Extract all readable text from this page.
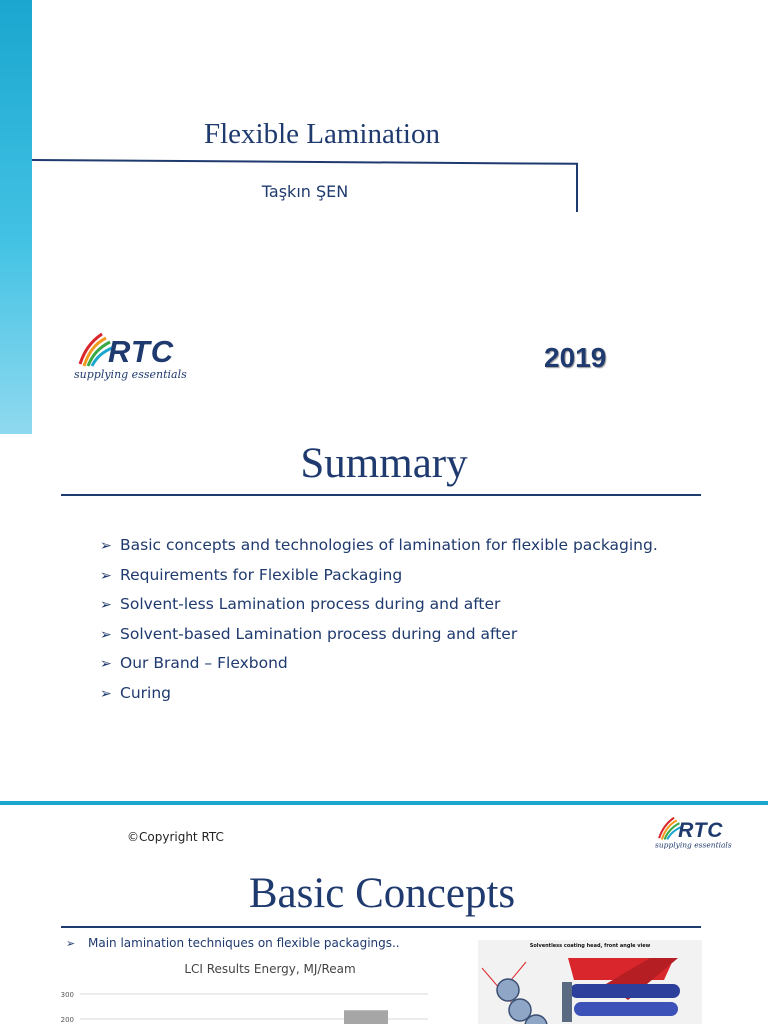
Flexible Lamination
Taşkın ŞEN
RTC
supplying essentials
2019
Summary
➢ Basic concepts and technologies of lamination for flexible packaging.
➢ Requirements for Flexible Packaging
➢ Solvent-less Lamination process during and after
➢ Solvent-based Lamination process during and after
➢ Our Brand – Flexbond
➢ Curing
©Copyright RTC	RTC
supplying essentials
Basic Concepts
➢ Main lamination techniques on flexible packagings..
LCI Results Energy, MJ/Ream
300
200
Solventless coating head, front angle view
